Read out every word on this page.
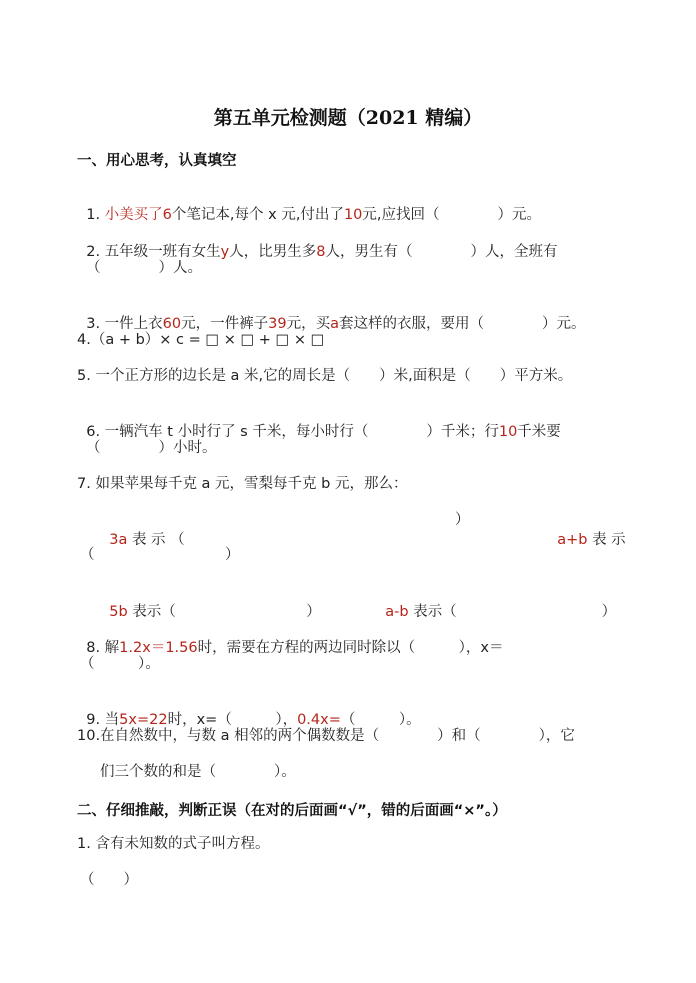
第五单元检测题（2021 精编）
一、用心思考，认真填空

1. 小美买了6个笔记本,每个 x 元,付出了10元,应找回（　　　　）元。

2. 五年级一班有女生y人，比男生多8人，男生有（　　　　）人，全班有

（　　　　）人。

3. 一件上衣60元，一件裤子39元，买a套这样的衣服，要用（　　　　）元。

4.（a + b）× c = □ × □ + □ × □
5. 一个正方形的边长是 a 米,它的周长是（　　）米,面积是（　　）平方米。

6. 一辆汽车 t 小时行了 s 千米，每小时行（　　　　）千米；行10千米要

（　　　　）小时。
7. 如果苹果每千克 a 元，雪梨每千克 b 元，那么：

3a 表 示 （

）

a+b 表 示

（　　　　　　　　　）

5b 表示（　　　　　　　　　）	a-b 表示（　　　　　　　　　　）

8. 解1.2x＝1.56时，需要在方程的两边同时除以（　　　），x＝

（　　　）。

9. 当5x=22时，x=（　　　），0.4x=（　　　）。

10.在自然数中，与数 a 相邻的两个偶数数是（　　　　）和（　　　　），它
们三个数的和是（　　　　）。
二、仔细推敲，判断正误（在对的后面画“√”，错的后面画“×”。）
1. 含有未知数的式子叫方程。
（　　）
